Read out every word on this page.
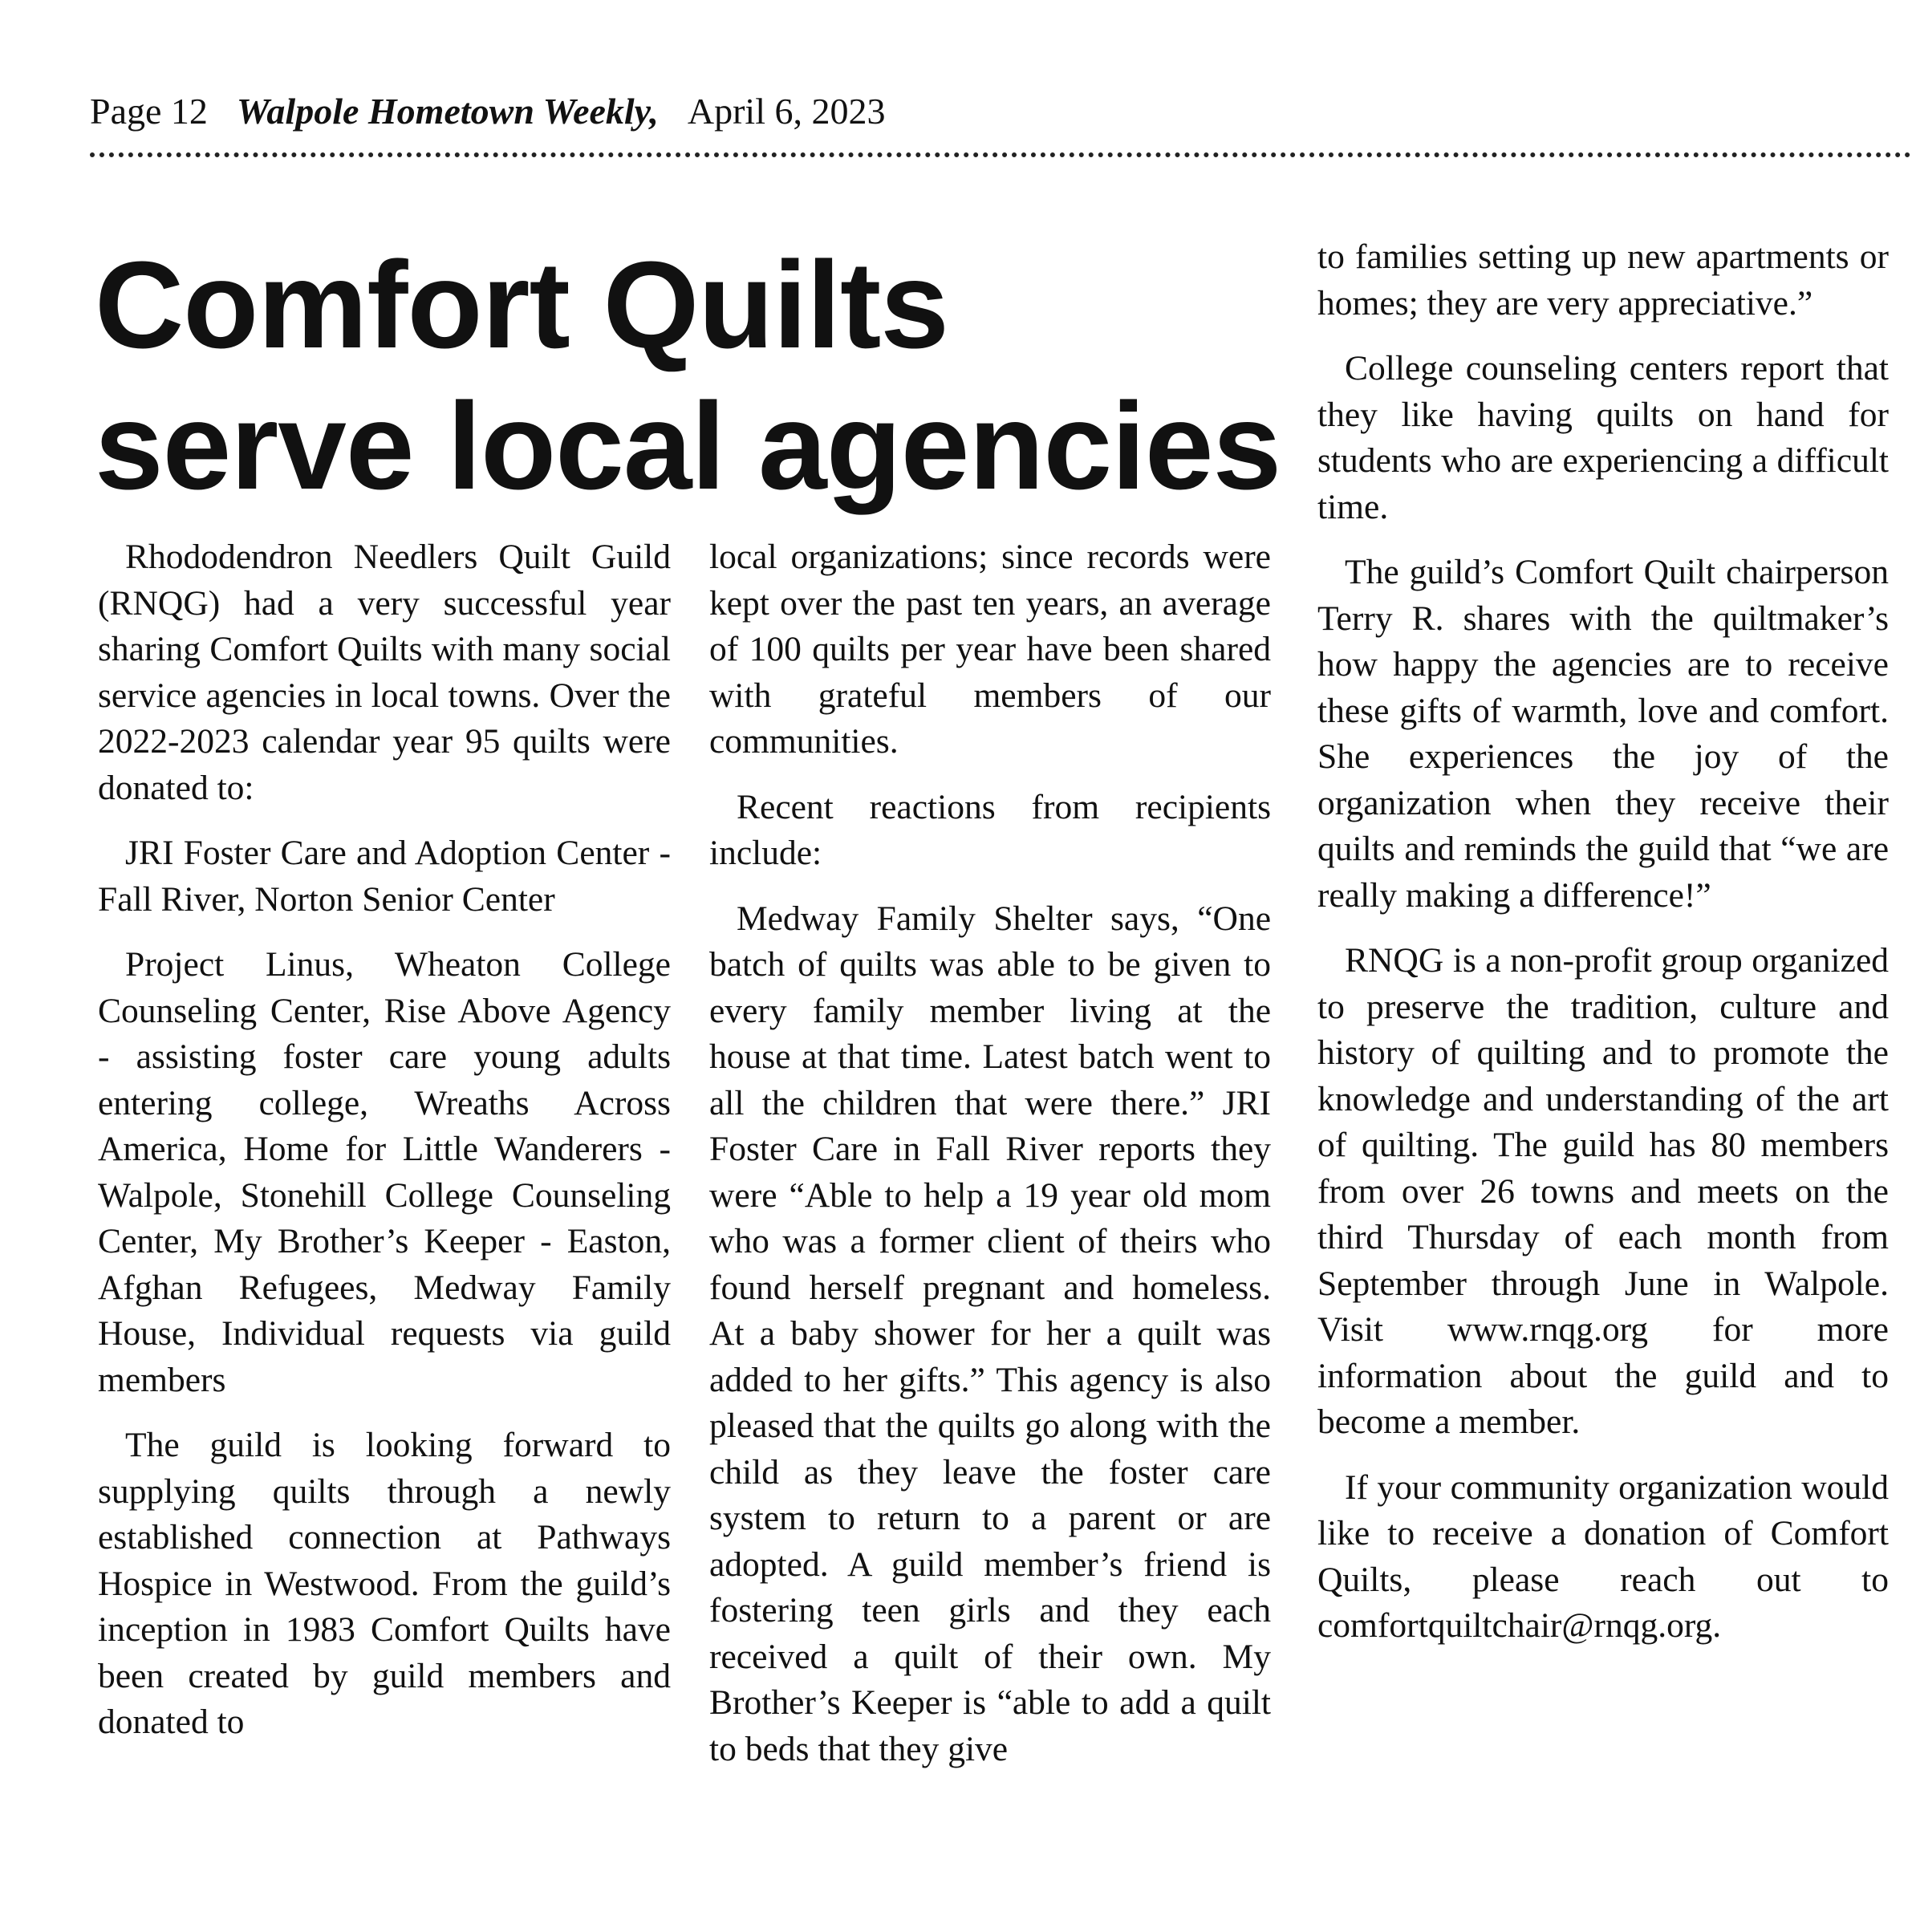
Page 12 Walpole Hometown Weekly, April 6, 2023
Comfort Quilts
serve local agencies

Rhododendron Needlers Quilt Guild (RNQG) had a very successful year sharing Comfort Quilts with many social service agencies in local towns. Over the 2022-2023 calendar year 95 quilts were donated to:

JRI Foster Care and Adoption Center - Fall River, Norton Senior Center

Project Linus, Wheaton College Counseling Center, Rise Above Agency - assisting foster care young adults entering college, Wreaths Across America, Home for Little Wanderers - Walpole, Stonehill College Counseling Center, My Brother’s Keeper - Easton, Afghan Refugees, Medway Family House, Individual requests via guild members

The guild is looking forward to supplying quilts through a newly established connection at Pathways Hospice in Westwood. From the guild’s inception in 1983 Comfort Quilts have been created by guild members and donated to

local organizations; since records were kept over the past ten years, an average of 100 quilts per year have been shared with grateful members of our communities.

Recent reactions from recipients include:

Medway Family Shelter says, “One batch of quilts was able to be given to every family member living at the house at that time. Latest batch went to all the children that were there.” JRI Foster Care in Fall River reports they were “Able to help a 19 year old mom who was a former client of theirs who found herself pregnant and homeless. At a baby shower for her a quilt was added to her gifts.” This agency is also pleased that the quilts go along with the child as they leave the foster care system to return to a parent or are adopted. A guild member’s friend is fostering teen girls and they each received a quilt of their own. My Brother’s Keeper is “able to add a quilt to beds that they give

to families setting up new apartments or homes; they are very appreciative.”

College counseling centers report that they like having quilts on hand for students who are experiencing a difficult time.

The guild’s Comfort Quilt chairperson Terry R. shares with the quiltmaker’s how happy the agencies are to receive these gifts of warmth, love and comfort. She experiences the joy of the organization when they receive their quilts and reminds the guild that “we are really making a difference!”

RNQG is a non-profit group organized to preserve the tradition, culture and history of quilting and to promote the knowledge and understanding of the art of quilting. The guild has 80 members from over 26 towns and meets on the third Thursday of each month from September through June in Walpole. Visit www.rnqg.org for more information about the guild and to become a member.

If your community organization would like to receive a donation of Comfort Quilts, please reach out to comfortquiltchair@rnqg.org.
